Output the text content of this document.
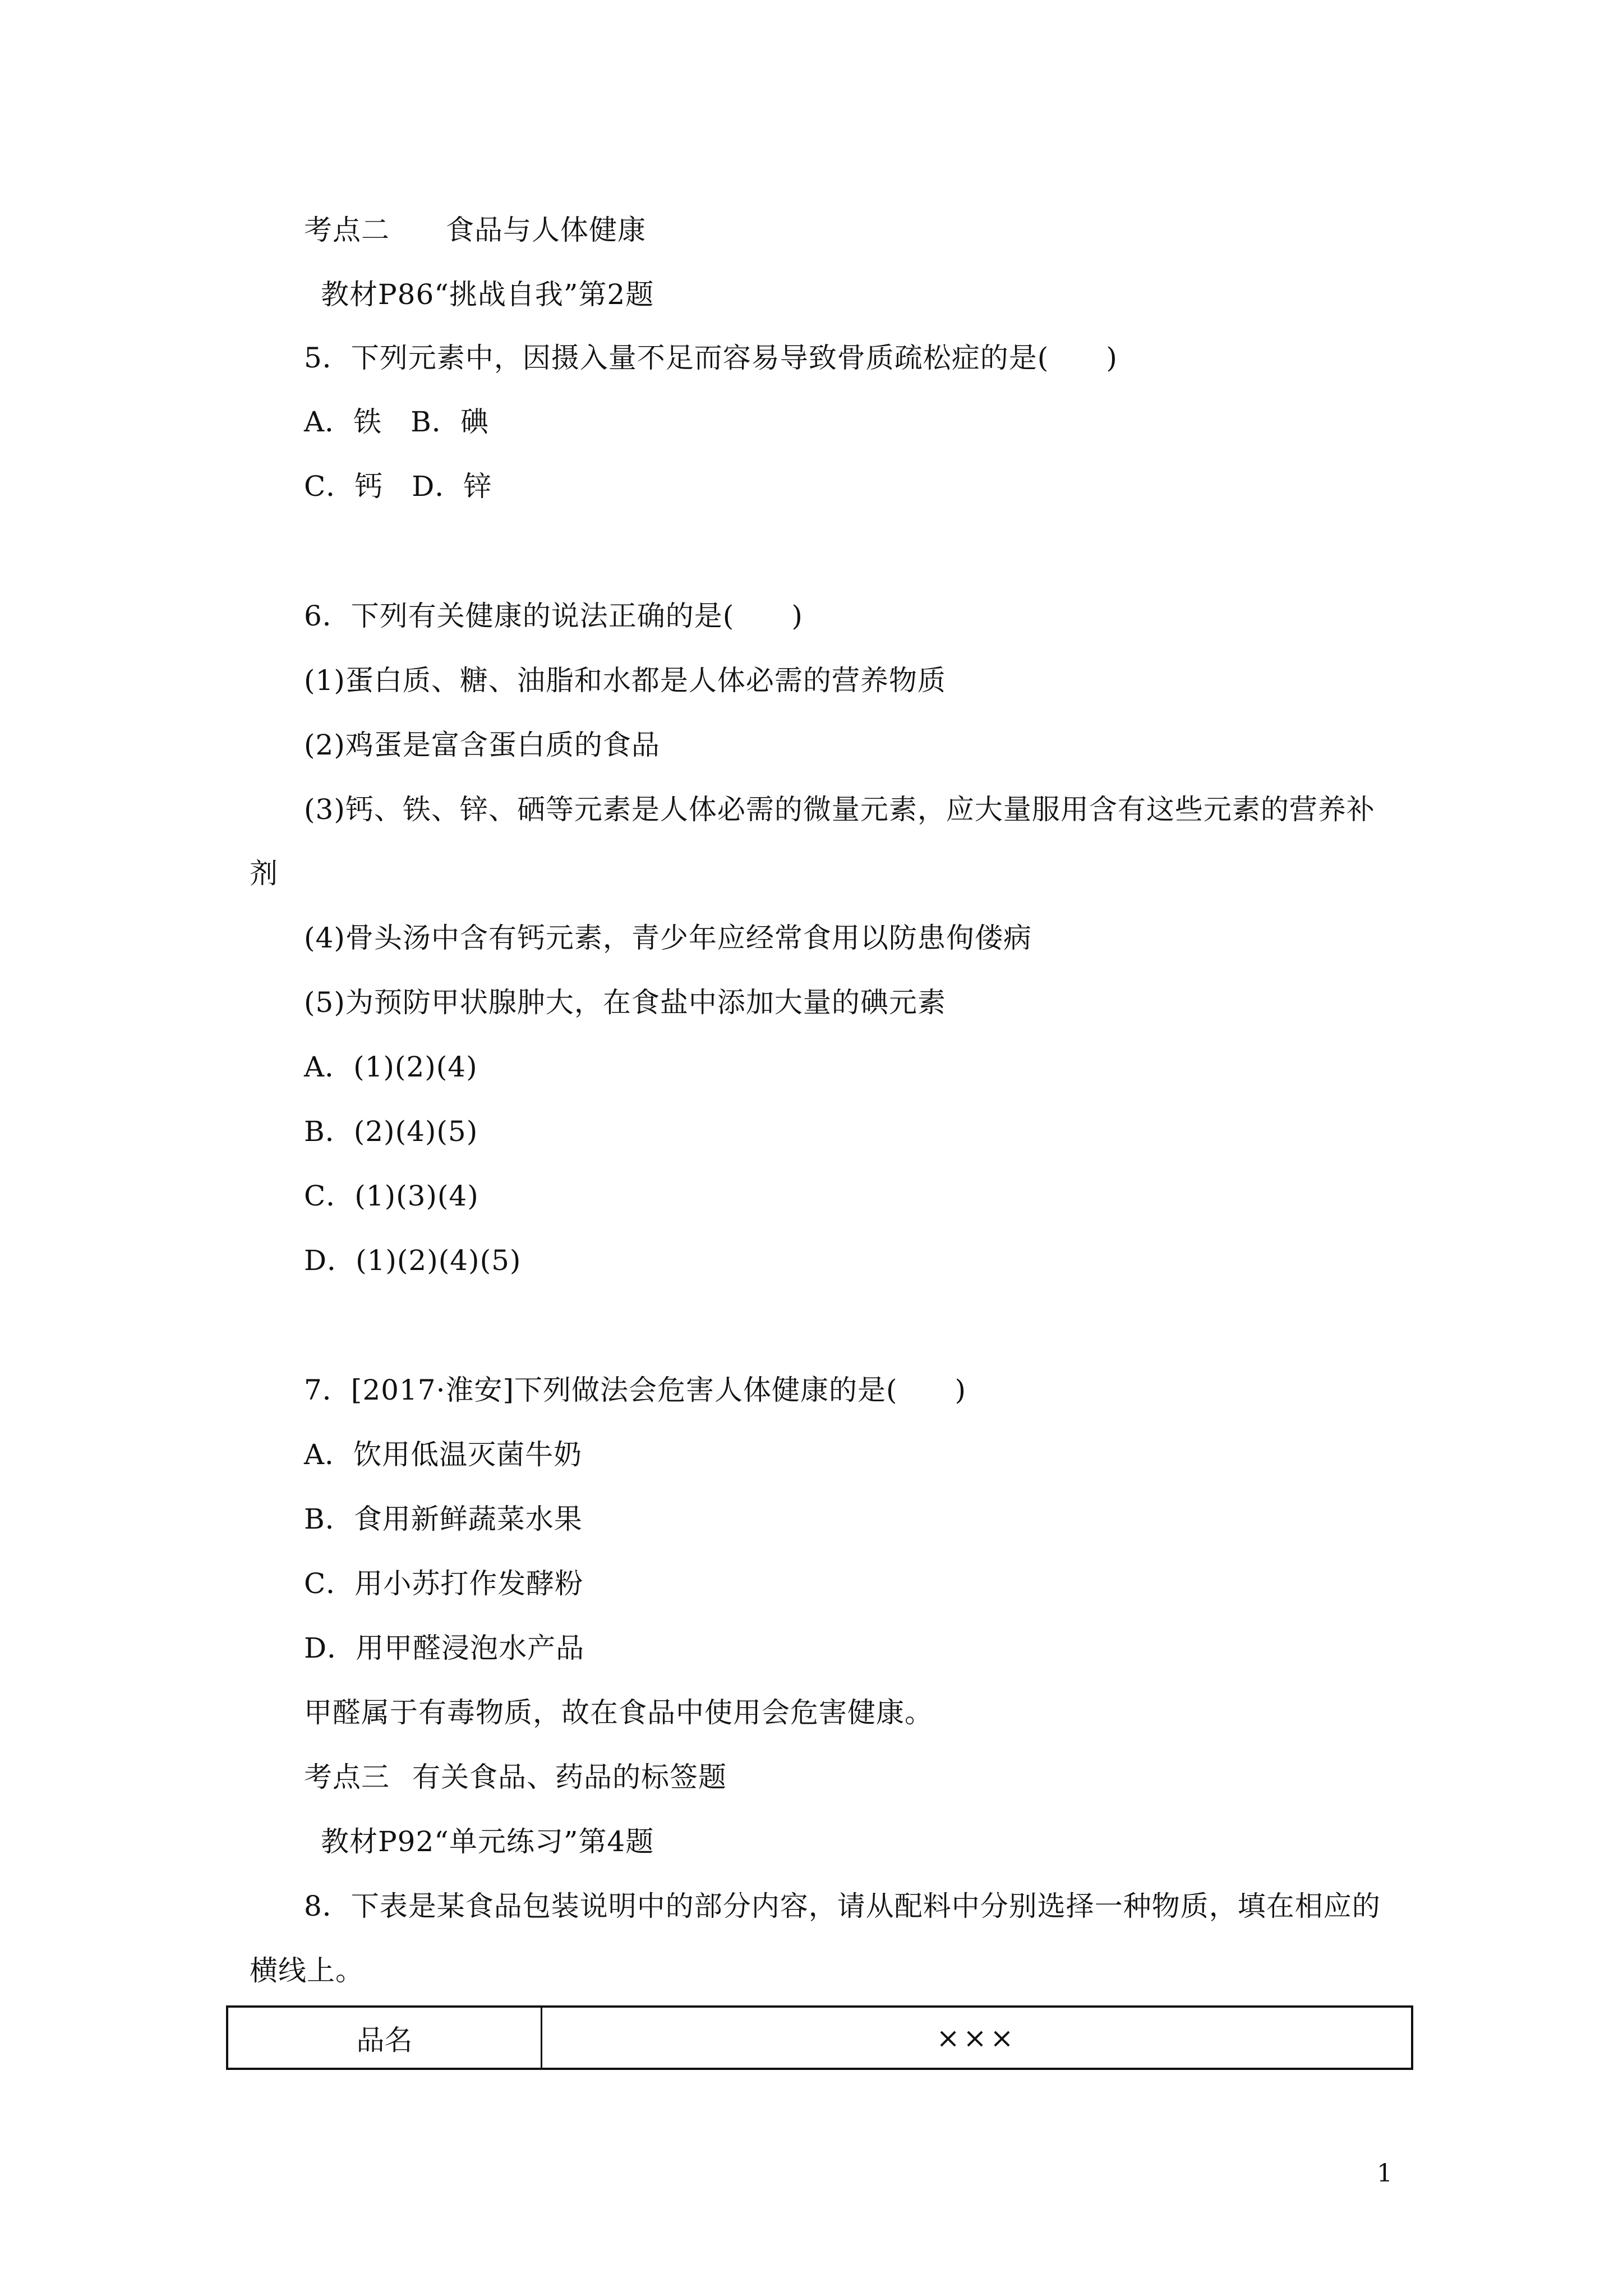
考点二 食品与人体健康
教材P86“挑战自我”第2题
5．下列元素中，因摄入量不足而容易导致骨质疏松症的是(　　)
A．铁　B．碘
C．钙　D．锌
6．下列有关健康的说法正确的是(　　)
(1)蛋白质、糖、油脂和水都是人体必需的营养物质
(2)鸡蛋是富含蛋白质的食品
(3)钙、铁、锌、硒等元素是人体必需的微量元素，应大量服用含有这些元素的营养补
剂
(4)骨头汤中含有钙元素，青少年应经常食用以防患佝偻病
(5)为预防甲状腺肿大，在食盐中添加大量的碘元素
A．(1)(2)(4)
B．(2)(4)(5)
C．(1)(3)(4)
D．(1)(2)(4)(5)
7．[2017·淮安]下列做法会危害人体健康的是(　　)
A．饮用低温灭菌牛奶
B．食用新鲜蔬菜水果
C．用小苏打作发酵粉
D．用甲醛浸泡水产品
甲醛属于有毒物质，故在食品中使用会危害健康。
考点三 有关食品、药品的标签题
教材P92“单元练习”第4题
8．下表是某食品包装说明中的部分内容，请从配料中分别选择一种物质，填在相应的
横线上。
品名	×××
1
